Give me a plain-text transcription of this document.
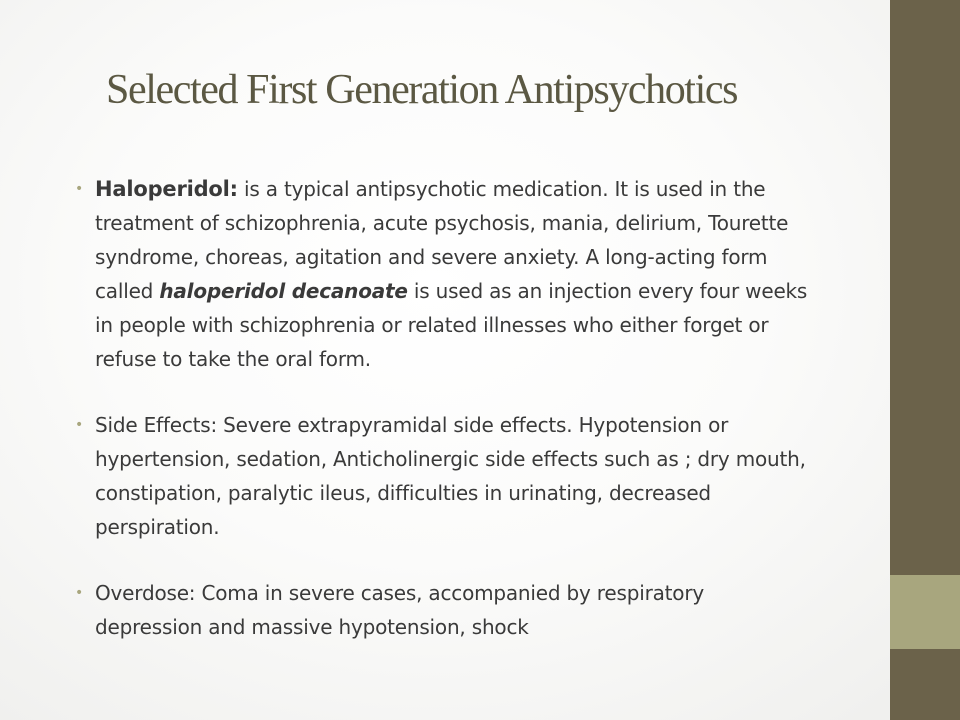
Selected First Generation Antipsychotics
• Haloperidol: is a typical antipsychotic medication. It is used in the treatment of schizophrenia, acute psychosis, mania, delirium, Tourette syndrome, choreas, agitation and severe anxiety. A long-acting form called haloperidol decanoate is used as an injection every four weeks in people with schizophrenia or related illnesses who either forget or refuse to take the oral form.
• Side Effects: Severe extrapyramidal side effects. Hypotension or hypertension, sedation, Anticholinergic side effects such as ; dry mouth, constipation, paralytic ileus, difficulties in urinating, decreased perspiration.
• Overdose: Coma in severe cases, accompanied by respiratory depression and massive hypotension, shock
